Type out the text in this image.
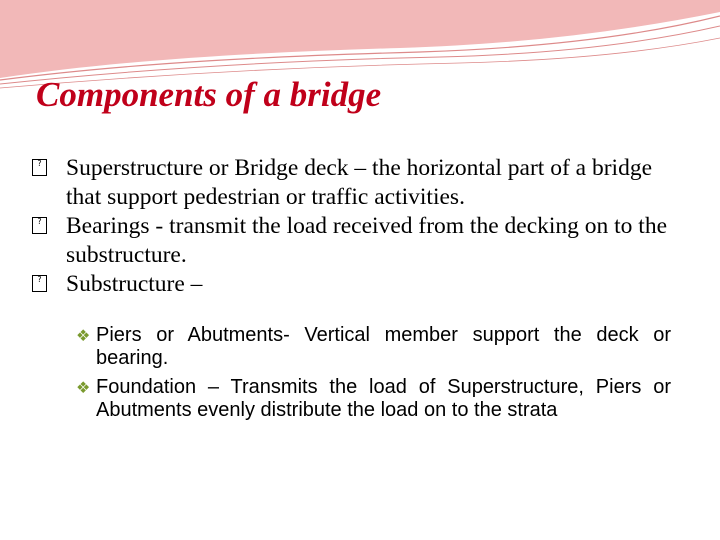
Components of a bridge
? Superstructure or Bridge deck – the horizontal part of a bridge that support pedestrian or traffic activities.
? Bearings - transmit the load received from the decking on to the substructure.
? Substructure –
❖ Piers or Abutments- Vertical member support the deck or bearing.
❖ Foundation – Transmits the load of Superstructure, Piers or Abutments evenly distribute the load on to the strata
